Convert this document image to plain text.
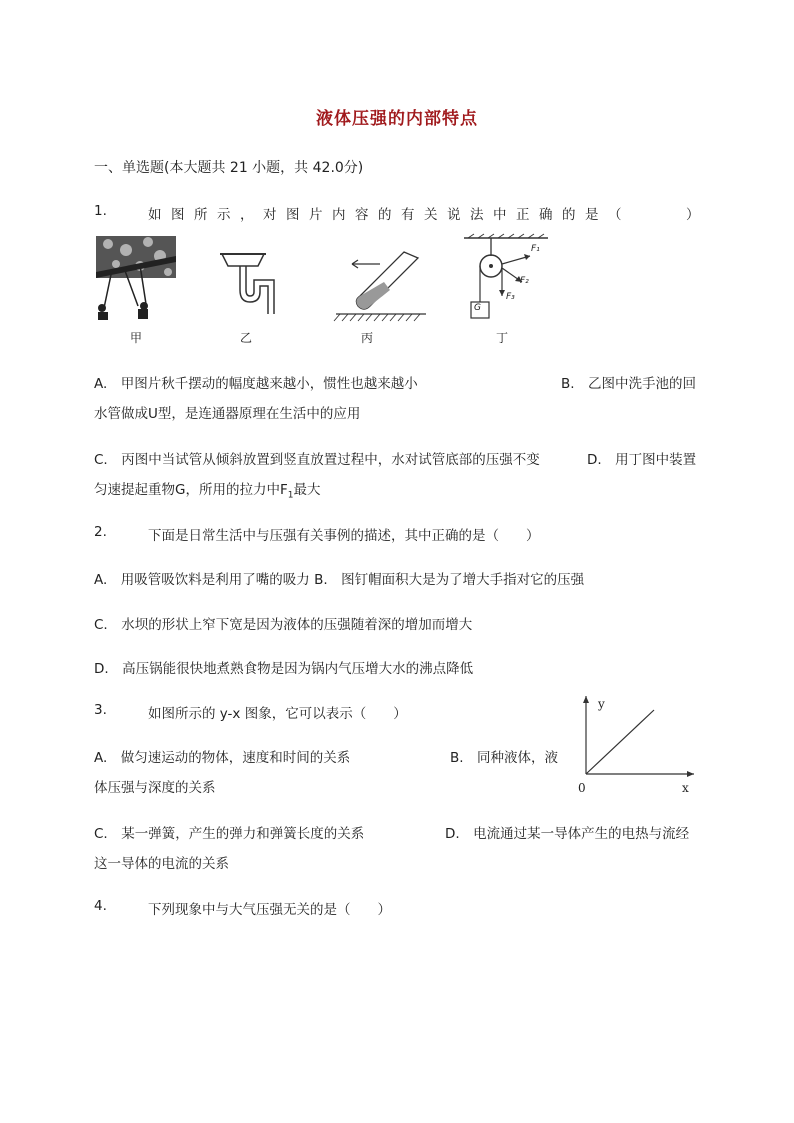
液体压强的内部特点
一、单选题(本大题共 21 小题，共 42.0分)
1.	如图所示，对图片内容的有关说法中正确的是（	）
F₁
F₂
F₃
G
甲	乙	丙	丁
A.　甲图片秋千摆动的幅度越来越小，惯性也越来越小	B.　乙图中洗手池的回
水管做成U型，是连通器原理在生活中的应用
C.　丙图中当试管从倾斜放置到竖直放置过程中，水对试管底部的压强不变	D.　用丁图中装置
匀速提起重物G，所用的拉力中$F_1$最大
2.	下面是日常生活中与压强有关事例的描述，其中正确的是（　　）
A.　用吸管吸饮料是利用了嘴的吸力 B.　图钉帽面积大是为了增大手指对它的压强
C.　水坝的形状上窄下宽是因为液体的压强随着深的增加而增大
D.　高压锅能很快地煮熟食物是因为锅内气压增大水的沸点降低
3.	如图所示的 y-x 图象，它可以表示（　　）
y
x
0
A.　做匀速运动的物体，速度和时间的关系	B.　同种液体，液
体压强与深度的关系
C.　某一弹簧，产生的弹力和弹簧长度的关系	D.　电流通过某一导体产生的电热与流经
这一导体的电流的关系
4.	下列现象中与大气压强无关的是（　　）
